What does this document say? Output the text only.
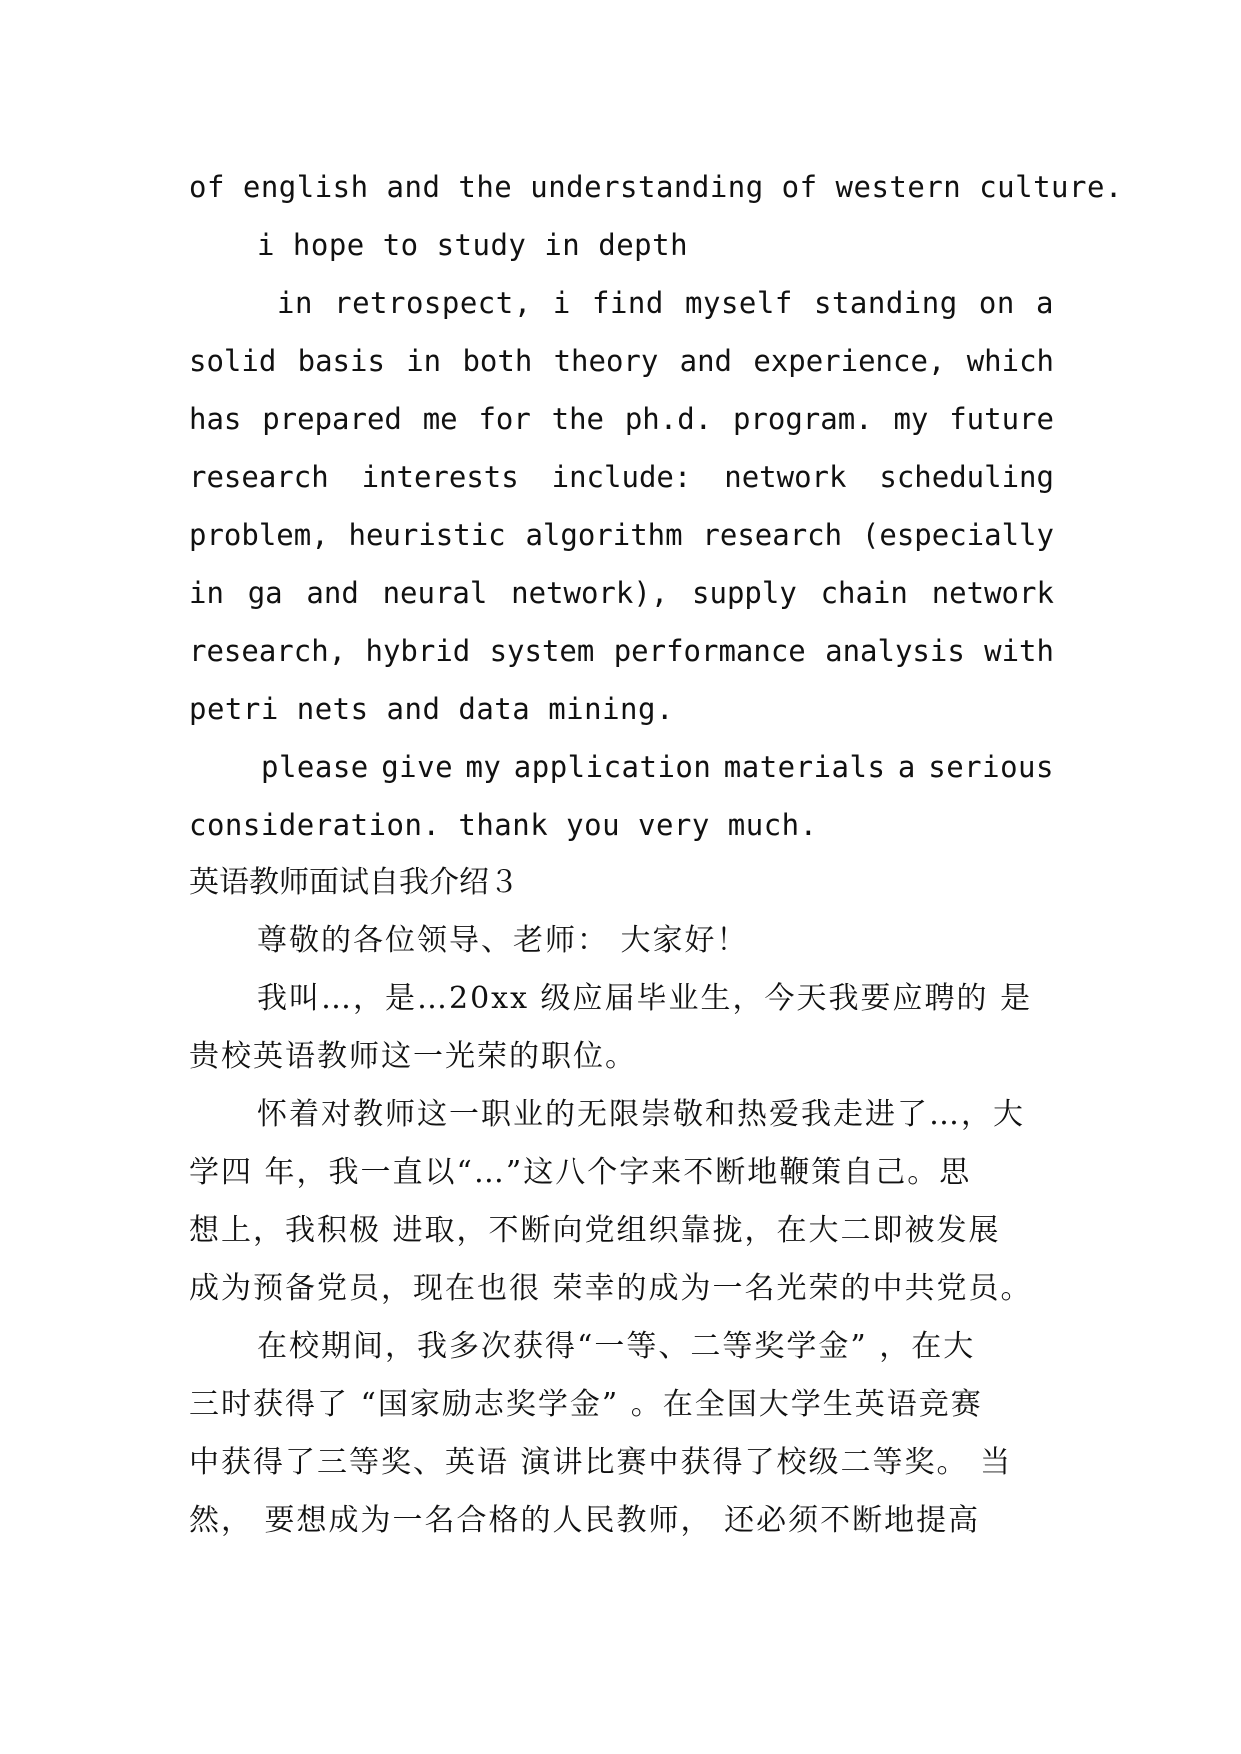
of english and the understanding of western culture.
i hope to study in depth
in retrospect, i find myself standing on a
solid basis in both theory and experience, which
has prepared me for the ph.d. program. my future
research interests include: network scheduling
problem, heuristic algorithm research (especially
in ga and neural network), supply chain network
research, hybrid system performance analysis with
petri nets and data mining.
please give my application materials a serious
consideration. thank you very much.
英语教师面试自我介绍３
尊敬的各位领导、老师： 大家好！
我叫…，是…20xx 级应届毕业生，今天我要应聘的 是
贵校英语教师这一光荣的职位。
怀着对教师这一职业的无限崇敬和热爱我走进了…，大
学四 年，我一直以“…”这八个字来不断地鞭策自己。思
想上，我积极 进取，不断向党组织靠拢，在大二即被发展
成为预备党员，现在也很 荣幸的成为一名光荣的中共党员。
在校期间，我多次获得“一等、二等奖学金” ，在大
三时获得了 “国家励志奖学金” 。在全国大学生英语竞赛
中获得了三等奖、英语 演讲比赛中获得了校级二等奖。 当
然， 要想成为一名合格的人民教师， 还必须不断地提高
